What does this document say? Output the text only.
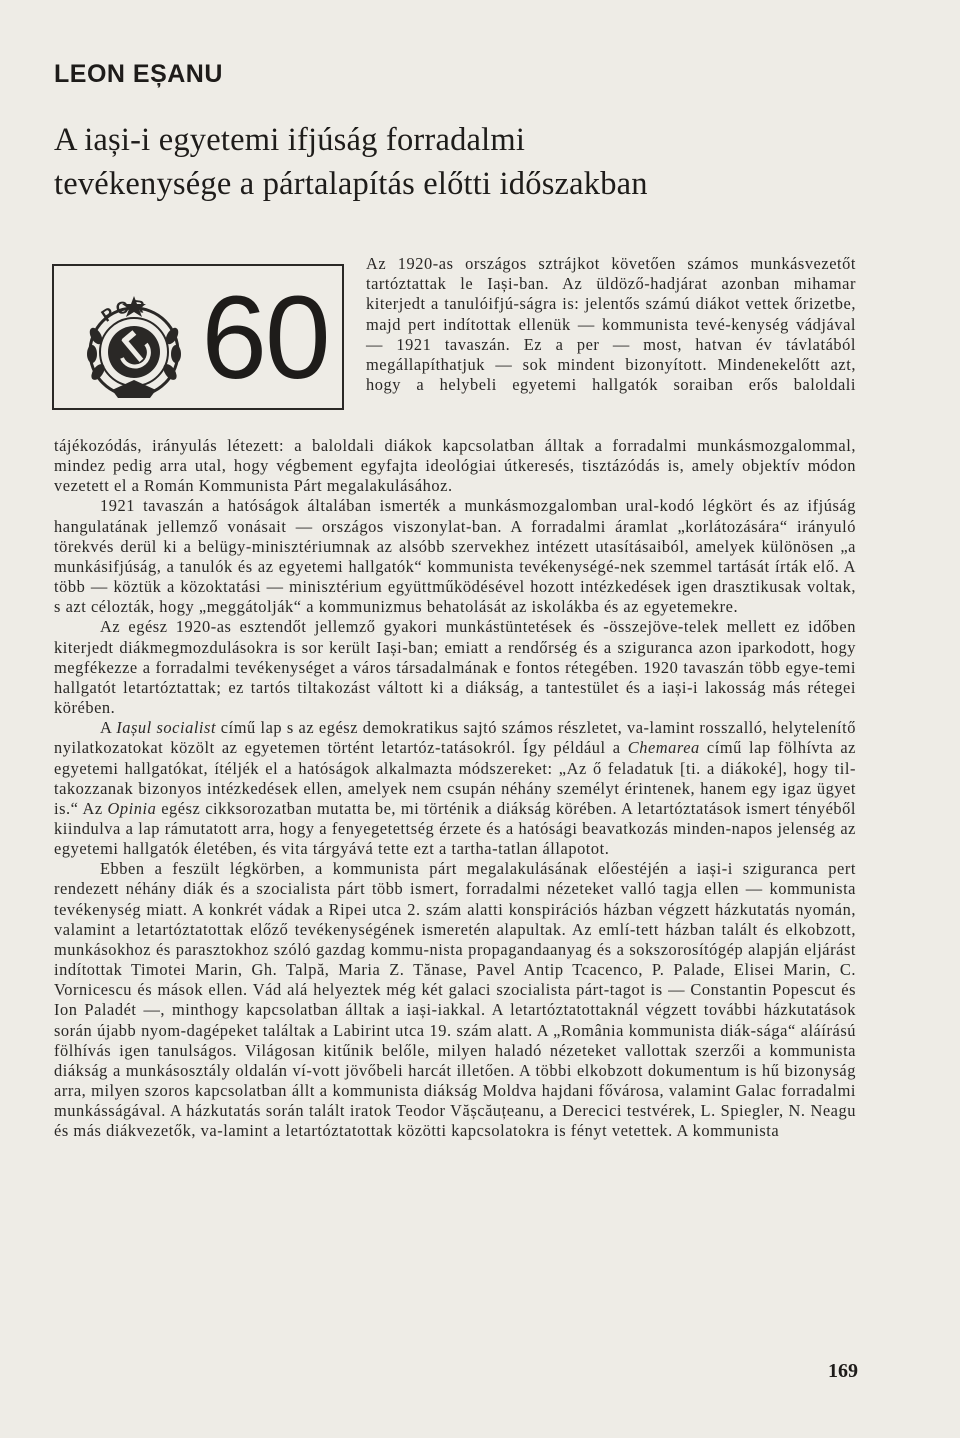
LEON EȘANU
A iași-i egyetemi ifjúság forradalmi
tevékenysége a pártalapítás előtti időszakban
PCR 60

Az 1920-as országos sztrájkot követően számos munkásvezetőt tartóztattak le Iași-ban. Az üldöző-hadjárat azonban mihamar kiterjedt a tanulóifjú-ságra is: jelentős számú diákot vettek őrizetbe, majd pert indítottak ellenük — kommunista tevé-kenység vádjával — 1921 tavaszán. Ez a per — most, hatvan év távlatából megállapíthatjuk — sok mindent bizonyított. Mindenekelőtt azt, hogy a helybeli egyetemi hallgatók soraiban erős baloldali

tájékozódás, irányulás létezett: a baloldali diákok kapcsolatban álltak a forradalmi munkásmozgalommal, mindez pedig arra utal, hogy végbement egyfajta ideológiai útkeresés, tisztázódás is, amely objektív módon vezetett el a Román Kommunista Párt megalakulásához.

1921 tavaszán a hatóságok általában ismerték a munkásmozgalomban ural-kodó légkört és az ifjúság hangulatának jellemző vonásait — országos viszonylat-ban. A forradalmi áramlat „korlátozására“ irányuló törekvés derül ki a belügy-minisztériumnak az alsóbb szervekhez intézett utasításaiból, amelyek különösen „a munkásifjúság, a tanulók és az egyetemi hallgatók“ kommunista tevékenységé-nek szemmel tartását írták elő. A több — köztük a közoktatási — minisztérium együttműködésével hozott intézkedések igen drasztikusak voltak, s azt célozták, hogy „meggátolják“ a kommunizmus behatolását az iskolákba és az egyetemekre.

Az egész 1920-as esztendőt jellemző gyakori munkástüntetések és -összejöve-telek mellett ez időben kiterjedt diákmegmozdulásokra is sor került Iași-ban; emiatt a rendőrség és a sziguranca azon iparkodott, hogy megfékezze a forradalmi tevékenységet a város társadalmának e fontos rétegében. 1920 tavaszán több egye-temi hallgatót letartóztattak; ez tartós tiltakozást váltott ki a diákság, a tantestület és a iași-i lakosság más rétegei körében.

A Iașul socialist című lap s az egész demokratikus sajtó számos részletet, va-lamint rosszalló, helytelenítő nyilatkozatokat közölt az egyetemen történt letartóz-tatásokról. Így például a Chemarea című lap fölhívta az egyetemi hallgatókat, ítéljék el a hatóságok alkalmazta módszereket: „Az ő feladatuk [ti. a diákoké], hogy til-takozzanak bizonyos intézkedések ellen, amelyek nem csupán néhány személyt érintenek, hanem egy igaz ügyet is.“ Az Opinia egész cikksorozatban mutatta be, mi történik a diákság körében. A letartóztatások ismert tényéből kiindulva a lap rámutatott arra, hogy a fenyegetettség érzete és a hatósági beavatkozás minden-napos jelenség az egyetemi hallgatók életében, és vita tárgyává tette ezt a tartha-tatlan állapotot.

Ebben a feszült légkörben, a kommunista párt megalakulásának előestéjén a iași-i sziguranca pert rendezett néhány diák és a szocialista párt több ismert, forradalmi nézeteket valló tagja ellen — kommunista tevékenység miatt. A konkrét vádak a Ripei utca 2. szám alatti konspirációs házban végzett házkutatás nyomán, valamint a letartóztatottak előző tevékenységének ismeretén alapultak. Az emlí-tett házban talált és elkobzott, munkásokhoz és parasztokhoz szóló gazdag kommu-nista propagandaanyag és a sokszorosítógép alapján eljárást indítottak Timotei Marin, Gh. Talpă, Maria Z. Tănase, Pavel Antip Tcacenco, P. Palade, Elisei Marin, C. Vornicescu és mások ellen. Vád alá helyeztek még két galaci szocialista párt-tagot is — Constantin Popescut és Ion Paladét —, minthogy kapcsolatban álltak a iași-iakkal. A letartóztatottaknál végzett további házkutatások során újabb nyom-dagépeket találtak a Labirint utca 19. szám alatt. A „România kommunista diák-sága“ aláírású fölhívás igen tanulságos. Világosan kitűnik belőle, milyen haladó nézeteket vallottak szerzői a kommunista diákság a munkásosztály oldalán ví-vott jövőbeli harcát illetően. A többi elkobzott dokumentum is hű bizonyság arra, milyen szoros kapcsolatban állt a kommunista diákság Moldva hajdani fővárosa, valamint Galac forradalmi munkásságával. A házkutatás során talált iratok Teodor Vășcăuțeanu, a Derecici testvérek, L. Spiegler, N. Neagu és más diákvezetők, va-lamint a letartóztatottak közötti kapcsolatokra is fényt vetettek. A kommunista

169
